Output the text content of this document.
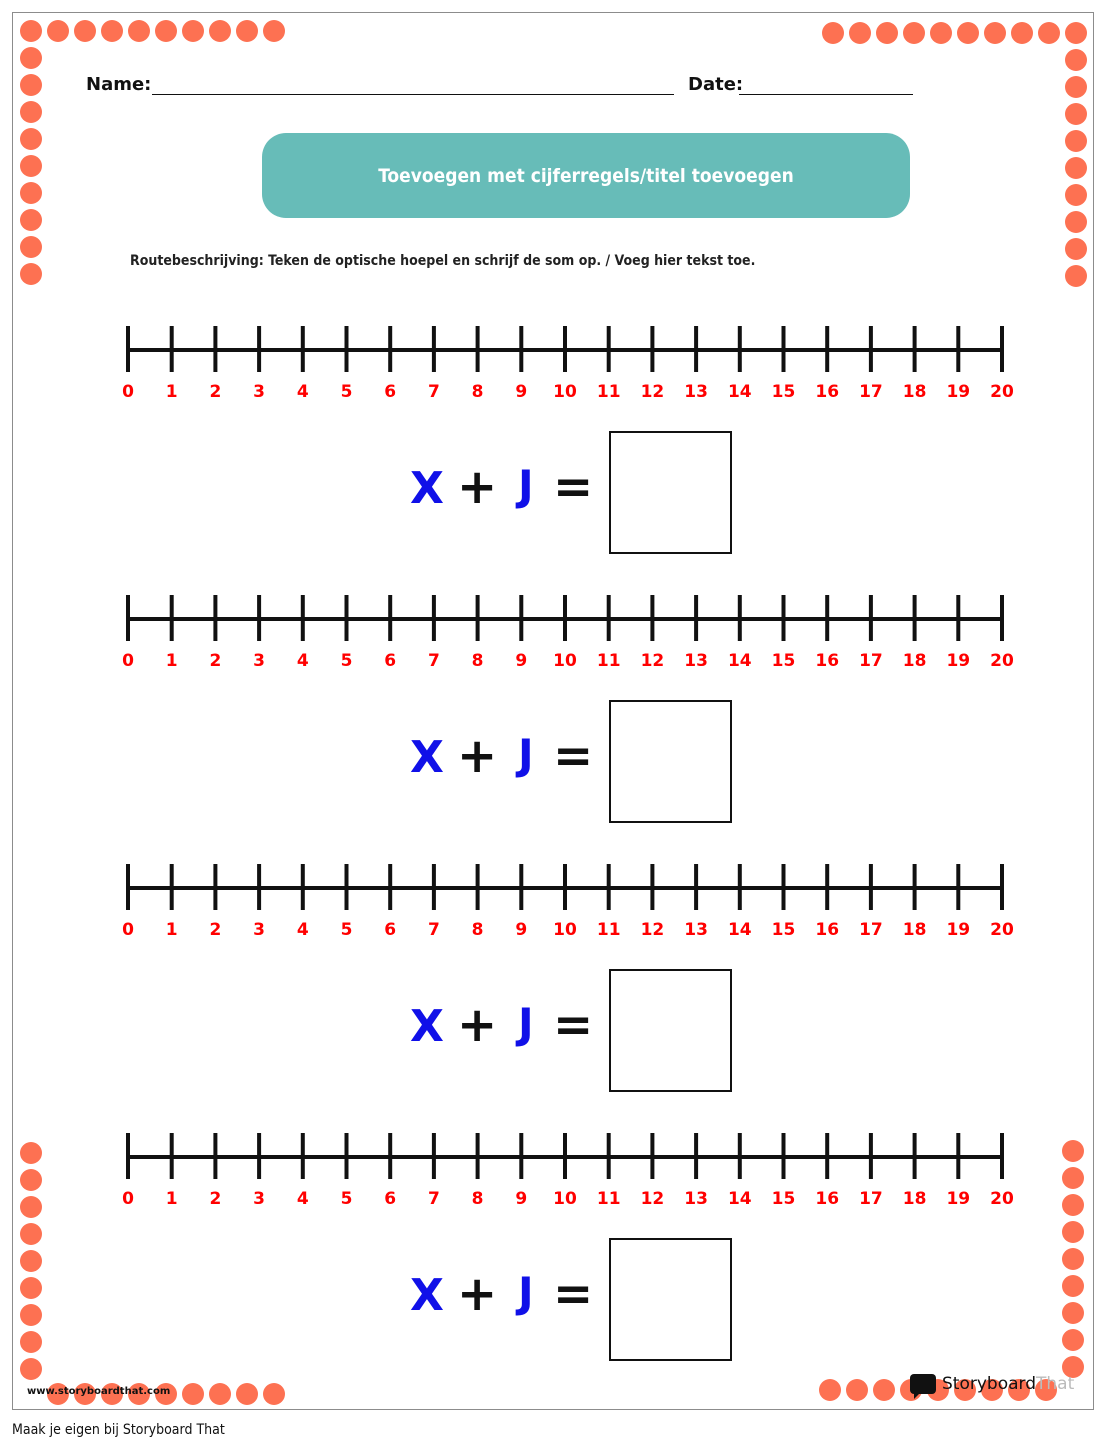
Name:	Date:
Toevoegen met cijferregels/titel toevoegen
Routebeschrijving: Teken de optische hoepel en schrijf de som op. / Voeg hier tekst toe.
0 1 2 3 4 5 6 7 8 9 10 11 12 13 14 15 16 17 18 19 20
X + J =
0 1 2 3 4 5 6 7 8 9 10 11 12 13 14 15 16 17 18 19 20
X + J =
0 1 2 3 4 5 6 7 8 9 10 11 12 13 14 15 16 17 18 19 20
X + J =
0 1 2 3 4 5 6 7 8 9 10 11 12 13 14 15 16 17 18 19 20
X + J =
www.storyboardthat.com	Storyboard That
Maak je eigen bij Storyboard That
